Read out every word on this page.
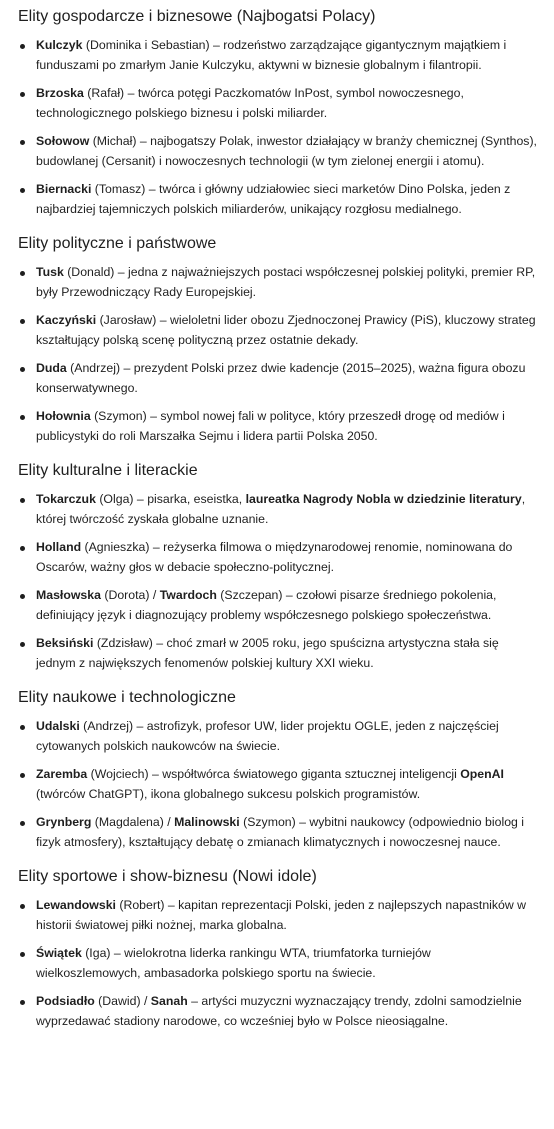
Elity gospodarcze i biznesowe (Najbogatsi Polacy)
Kulczyk (Dominika i Sebastian) – rodzeństwo zarządzające gigantycznym majątkiem i funduszami po zmarłym Janie Kulczyku, aktywni w biznesie globalnym i filantropii.
Brzoska (Rafał) – twórca potęgi Paczkomatów InPost, symbol nowoczesnego, technologicznego polskiego biznesu i polski miliarder.
Sołowow (Michał) – najbogatszy Polak, inwestor działający w branży chemicznej (Synthos), budowlanej (Cersanit) i nowoczesnych technologii (w tym zielonej energii i atomu).
Biernacki (Tomasz) – twórca i główny udziałowiec sieci marketów Dino Polska, jeden z najbardziej tajemniczych polskich miliarderów, unikający rozgłosu medialnego.
Elity polityczne i państwowe
Tusk (Donald) – jedna z najważniejszych postaci współczesnej polskiej polityki, premier RP, były Przewodniczący Rady Europejskiej.
Kaczyński (Jarosław) – wieloletni lider obozu Zjednoczonej Prawicy (PiS), kluczowy strateg kształtujący polską scenę polityczną przez ostatnie dekady.
Duda (Andrzej) – prezydent Polski przez dwie kadencje (2015–2025), ważna figura obozu konserwatywnego.
Hołownia (Szymon) – symbol nowej fali w polityce, który przeszedł drogę od mediów i publicystyki do roli Marszałka Sejmu i lidera partii Polska 2050.
Elity kulturalne i literackie
Tokarczuk (Olga) – pisarka, eseistka, laureatka Nagrody Nobla w dziedzinie literatury, której twórczość zyskała globalne uznanie.
Holland (Agnieszka) – reżyserka filmowa o międzynarodowej renomie, nominowana do Oscarów, ważny głos w debacie społeczno-politycznej.
Masłowska (Dorota) / Twardoch (Szczepan) – czołowi pisarze średniego pokolenia, definiujący język i diagnozujący problemy współczesnego polskiego społeczeństwa.
Beksiński (Zdzisław) – choć zmarł w 2005 roku, jego spuścizna artystyczna stała się jednym z największych fenomenów polskiej kultury XXI wieku.
Elity naukowe i technologiczne
Udalski (Andrzej) – astrofizyk, profesor UW, lider projektu OGLE, jeden z najczęściej cytowanych polskich naukowców na świecie.
Zaremba (Wojciech) – współtwórca światowego giganta sztucznej inteligencji OpenAI (twórców ChatGPT), ikona globalnego sukcesu polskich programistów.
Grynberg (Magdalena) / Malinowski (Szymon) – wybitni naukowcy (odpowiednio biolog i fizyk atmosfery), kształtujący debatę o zmianach klimatycznych i nowoczesnej nauce.
Elity sportowe i show-biznesu (Nowi idole)
Lewandowski (Robert) – kapitan reprezentacji Polski, jeden z najlepszych napastników w historii światowej piłki nożnej, marka globalna.
Świątek (Iga) – wielokrotna liderka rankingu WTA, triumfatorka turniejów wielkoszlemowych, ambasadorka polskiego sportu na świecie.
Podsiadło (Dawid) / Sanah – artyści muzyczni wyznaczający trendy, zdolni samodzielnie wyprzedawać stadiony narodowe, co wcześniej było w Polsce nieosiągalne.
